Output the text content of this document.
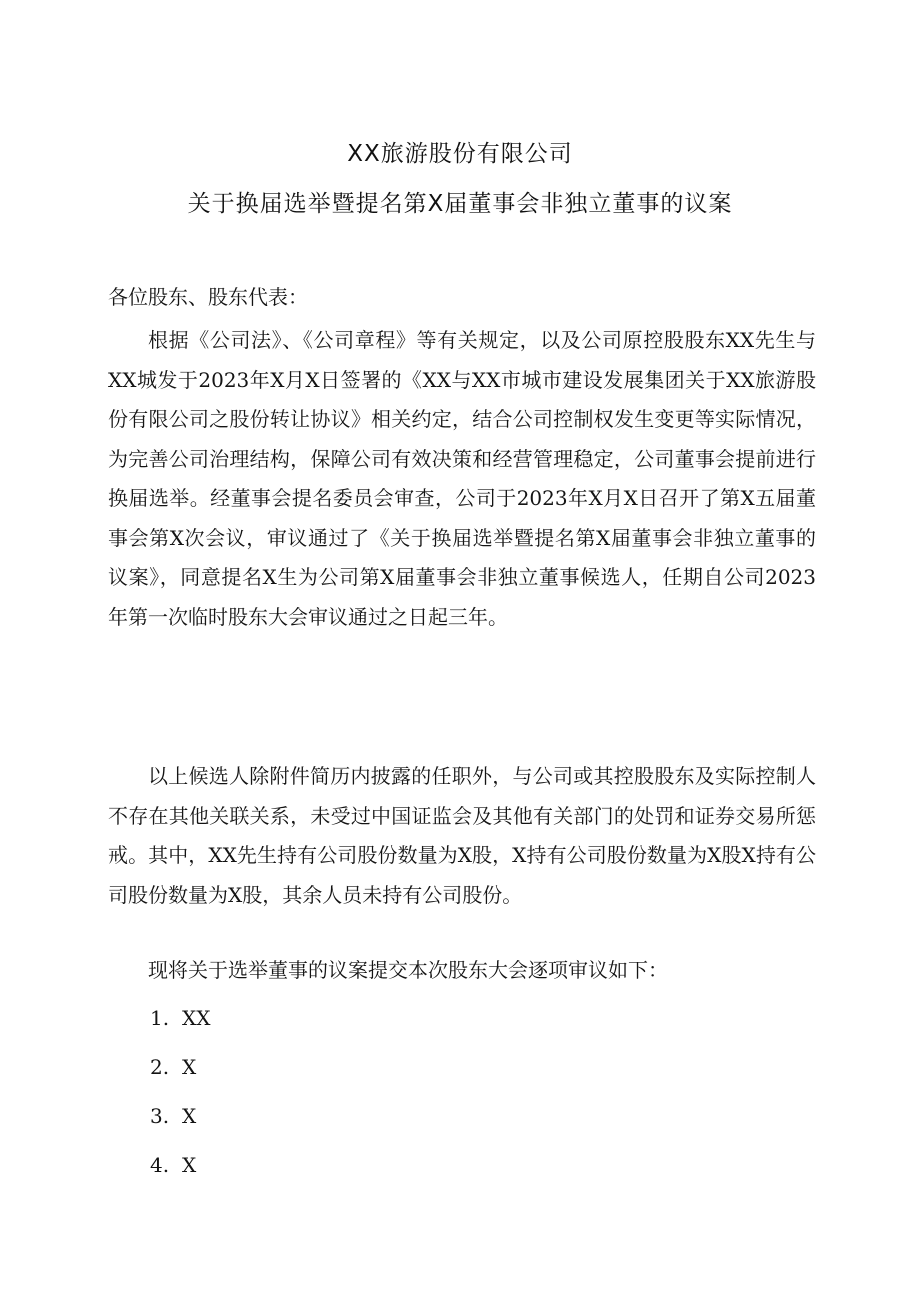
XX旅游股份有限公司
关于换届选举暨提名第X届董事会非独立董事的议案
各位股东、股东代表：
根据《公司法》、《公司章程》等有关规定，以及公司原控股股东XX先生与XX城发于2023年X月X日签署的《XX与XX市城市建设发展集团关于XX旅游股份有限公司之股份转让协议》相关约定，结合公司控制权发生变更等实际情况，为完善公司治理结构，保障公司有效决策和经营管理稳定，公司董事会提前进行换届选举。经董事会提名委员会审查，公司于2023年X月X日召开了第X五届董事会第X次会议，审议通过了《关于换届选举暨提名第X届董事会非独立董事的议案》，同意提名X生为公司第X届董事会非独立董事候选人，任期自公司2023年第一次临时股东大会审议通过之日起三年。
以上候选人除附件简历内披露的任职外，与公司或其控股股东及实际控制人不存在其他关联关系，未受过中国证监会及其他有关部门的处罚和证券交易所惩戒。其中，XX先生持有公司股份数量为X股，X持有公司股份数量为X股X持有公司股份数量为X股，其余人员未持有公司股份。
现将关于选举董事的议案提交本次股东大会逐项审议如下：
1. XX
2. X
3. X
4. X
